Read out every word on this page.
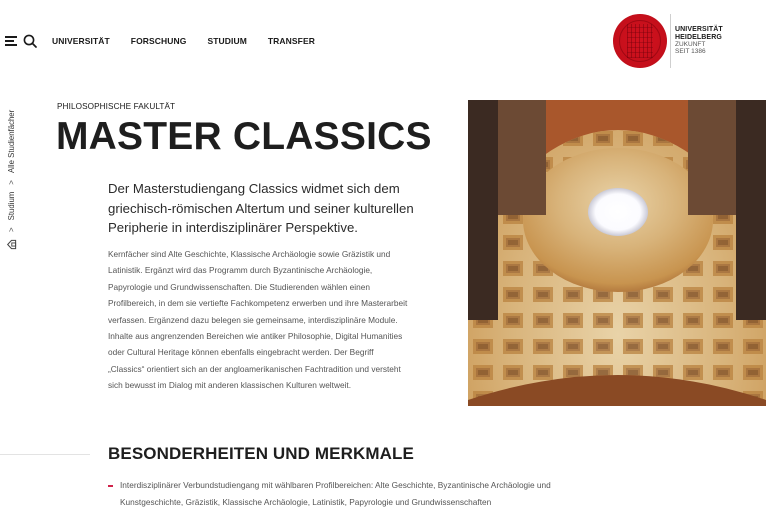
UNIVERSITÄT FORSCHUNG STUDIUM TRANSFER
UNIVERSITÄT
HEIDELBERG
ZUKUNFT
SEIT 1386
>
Studium
>
Alle Studienfächer
PHILOSOPHISCHE FAKULTÄT
MASTER CLASSICS

Der Masterstudiengang Classics widmet sich dem griechisch-römischen Altertum und seiner kulturellen Peripherie in interdisziplinärer Perspektive.

Kernfächer sind Alte Geschichte, Klassische Archäologie sowie Gräzistik und Latinistik. Ergänzt wird das Programm durch Byzantinische Archäologie, Papyrologie und Grundwissenschaften. Die Studierenden wählen einen Profilbereich, in dem sie vertiefte Fachkompetenz erwerben und ihre Masterarbeit verfassen. Ergänzend dazu belegen sie gemeinsame, interdisziplinäre Module. Inhalte aus angrenzenden Bereichen wie antiker Philosophie, Digital Humanities oder Cultural Heritage können ebenfalls eingebracht werden. Der Begriff „Classics“ orientiert sich an der angloamerikanischen Fachtradition und versteht sich bewusst im Dialog mit anderen klassischen Kulturen weltweit.

BESONDERHEITEN UND MERKMALE
Interdisziplinärer Verbundstudiengang mit wählbaren Profilbereichen: Alte Geschichte, Byzantinische Archäologie und Kunstgeschichte, Gräzistik, Klassische Archäologie, Latinistik, Papyrologie und Grundwissenschaften
